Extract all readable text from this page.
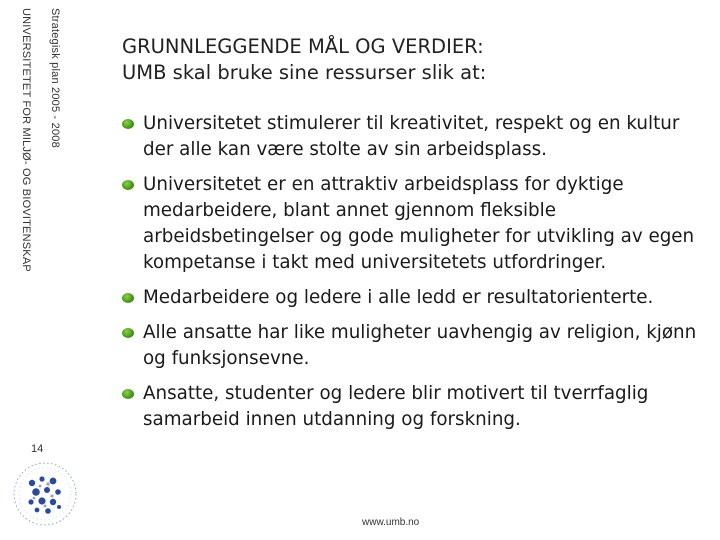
Strategisk plan 2005 - 2008
UNIVERSITETET FOR MILJØ- OG BIOVITENSKAP
14
GRUNNLEGGENDE MÅL OG VERDIER:
UMB skal bruke sine ressurser slik at:
Universitetet stimulerer til kreativitet, respekt og en kultur der alle kan være stolte av sin arbeidsplass.
Universitetet er en attraktiv arbeidsplass for dyktige medarbeidere, blant annet gjennom fleksible arbeidsbetingelser og gode muligheter for utvikling av egen kompetanse i takt med universitetets utfordringer.
Medarbeidere og ledere i alle ledd er resultatorienterte.
Alle ansatte har like muligheter uavhengig av religion, kjønn og funksjonsevne.
Ansatte, studenter og ledere blir motivert til tverrfaglig samarbeid innen utdanning og forskning.
www.umb.no
